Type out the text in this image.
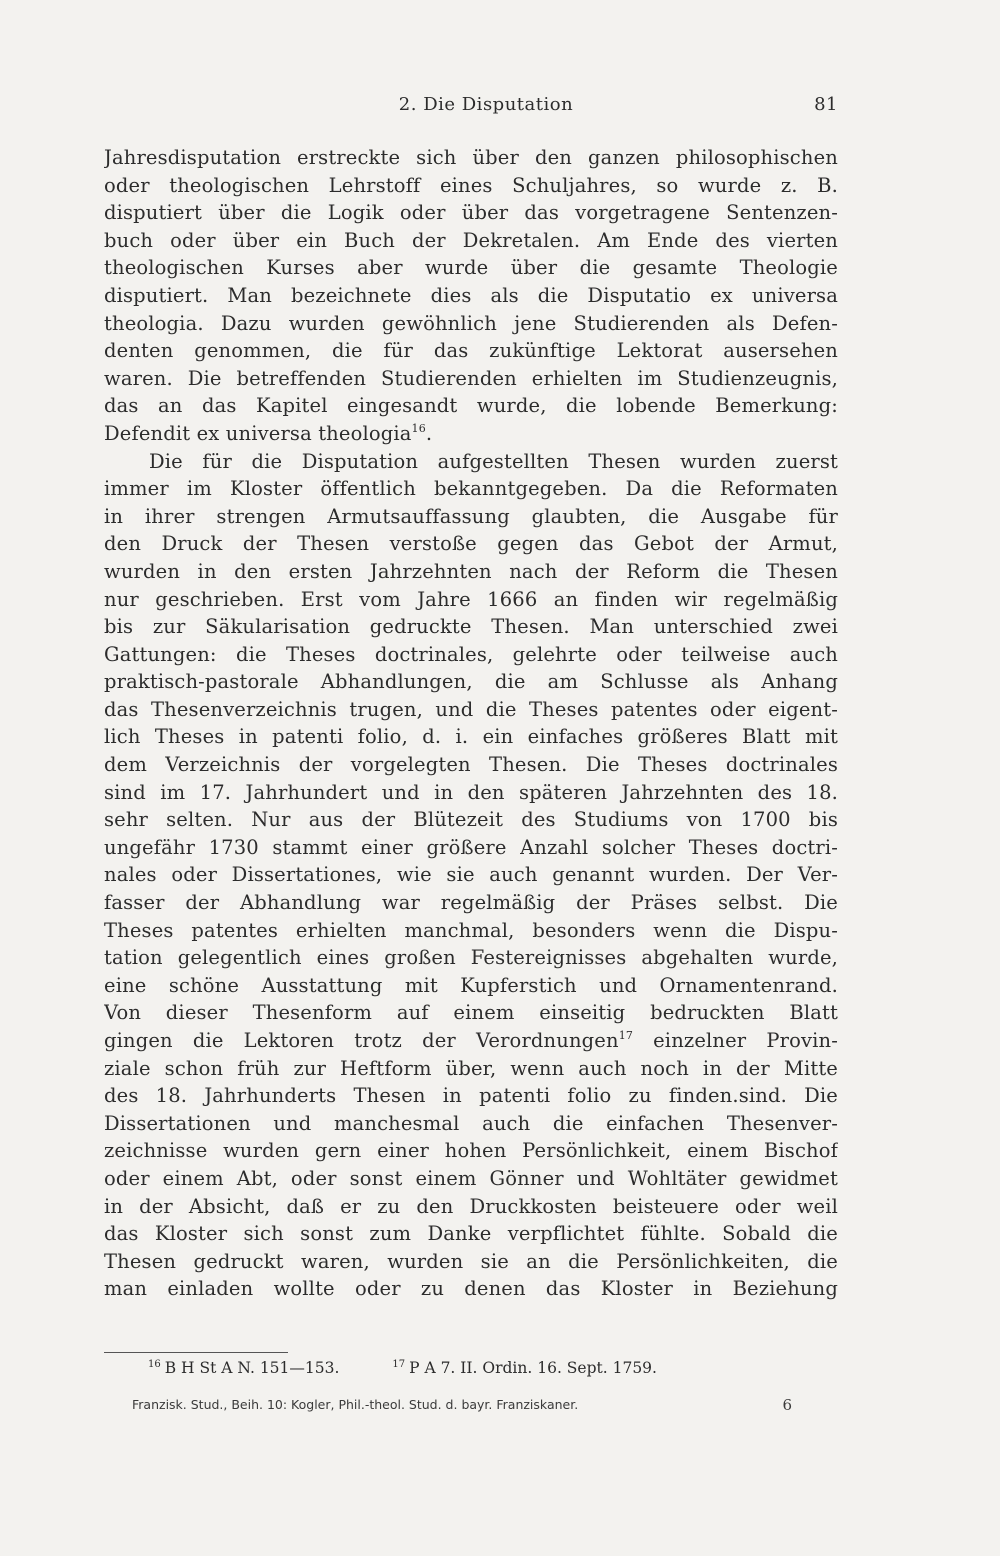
2. Die Disputation	81
Jahresdisputation erstreckte sich über den ganzen philosophischen
oder theologischen Lehrstoff eines Schuljahres, so wurde z. B.
disputiert über die Logik oder über das vorgetragene Sentenzen-
buch oder über ein Buch der Dekretalen. Am Ende des vierten
theologischen Kurses aber wurde über die gesamte Theologie
disputiert. Man bezeichnete dies als die Disputatio ex universa
theologia. Dazu wurden gewöhnlich jene Studierenden als Defen-
denten genommen, die für das zukünftige Lektorat ausersehen
waren. Die betreffenden Studierenden erhielten im Studienzeugnis,
das an das Kapitel eingesandt wurde, die lobende Bemerkung:
Defendit ex universa theologia$^{16}$.
Die für die Disputation aufgestellten Thesen wurden zuerst
immer im Kloster öffentlich bekanntgegeben. Da die Reformaten
in ihrer strengen Armutsauffassung glaubten, die Ausgabe für
den Druck der Thesen verstoße gegen das Gebot der Armut,
wurden in den ersten Jahrzehnten nach der Reform die Thesen
nur geschrieben. Erst vom Jahre 1666 an finden wir regelmäßig
bis zur Säkularisation gedruckte Thesen. Man unterschied zwei
Gattungen: die Theses doctrinales, gelehrte oder teilweise auch
praktisch-pastorale Abhandlungen, die am Schlusse als Anhang
das Thesenverzeichnis trugen, und die Theses patentes oder eigent-
lich Theses in patenti folio, d. i. ein einfaches größeres Blatt mit
dem Verzeichnis der vorgelegten Thesen. Die Theses doctrinales
sind im 17. Jahrhundert und in den späteren Jahrzehnten des 18.
sehr selten. Nur aus der Blütezeit des Studiums von 1700 bis
ungefähr 1730 stammt einer größere Anzahl solcher Theses doctri-
nales oder Dissertationes, wie sie auch genannt wurden. Der Ver-
fasser der Abhandlung war regelmäßig der Präses selbst. Die
Theses patentes erhielten manchmal, besonders wenn die Dispu-
tation gelegentlich eines großen Festereignisses abgehalten wurde,
eine schöne Ausstattung mit Kupferstich und Ornamentenrand.
Von dieser Thesenform auf einem einseitig bedruckten Blatt
gingen die Lektoren trotz der Verordnungen$^{17}$ einzelner Provin-
ziale schon früh zur Heftform über, wenn auch noch in der Mitte
des 18. Jahrhunderts Thesen in patenti folio zu finden.sind. Die
Dissertationen und manchesmal auch die einfachen Thesenver-
zeichnisse wurden gern einer hohen Persönlichkeit, einem Bischof
oder einem Abt, oder sonst einem Gönner und Wohltäter gewidmet
in der Absicht, daß er zu den Druckkosten beisteuere oder weil
das Kloster sich sonst zum Danke verpflichtet fühlte. Sobald die
Thesen gedruckt waren, wurden sie an die Persönlichkeiten, die
man einladen wollte oder zu denen das Kloster in Beziehung
$^{16}$ B H St A N. 151—153.	$^{17}$ P A 7. II. Ordin. 16. Sept. 1759.
Franzisk. Stud., Beih. 10: Kogler, Phil.-theol. Stud. d. bayr. Franziskaner.	6
